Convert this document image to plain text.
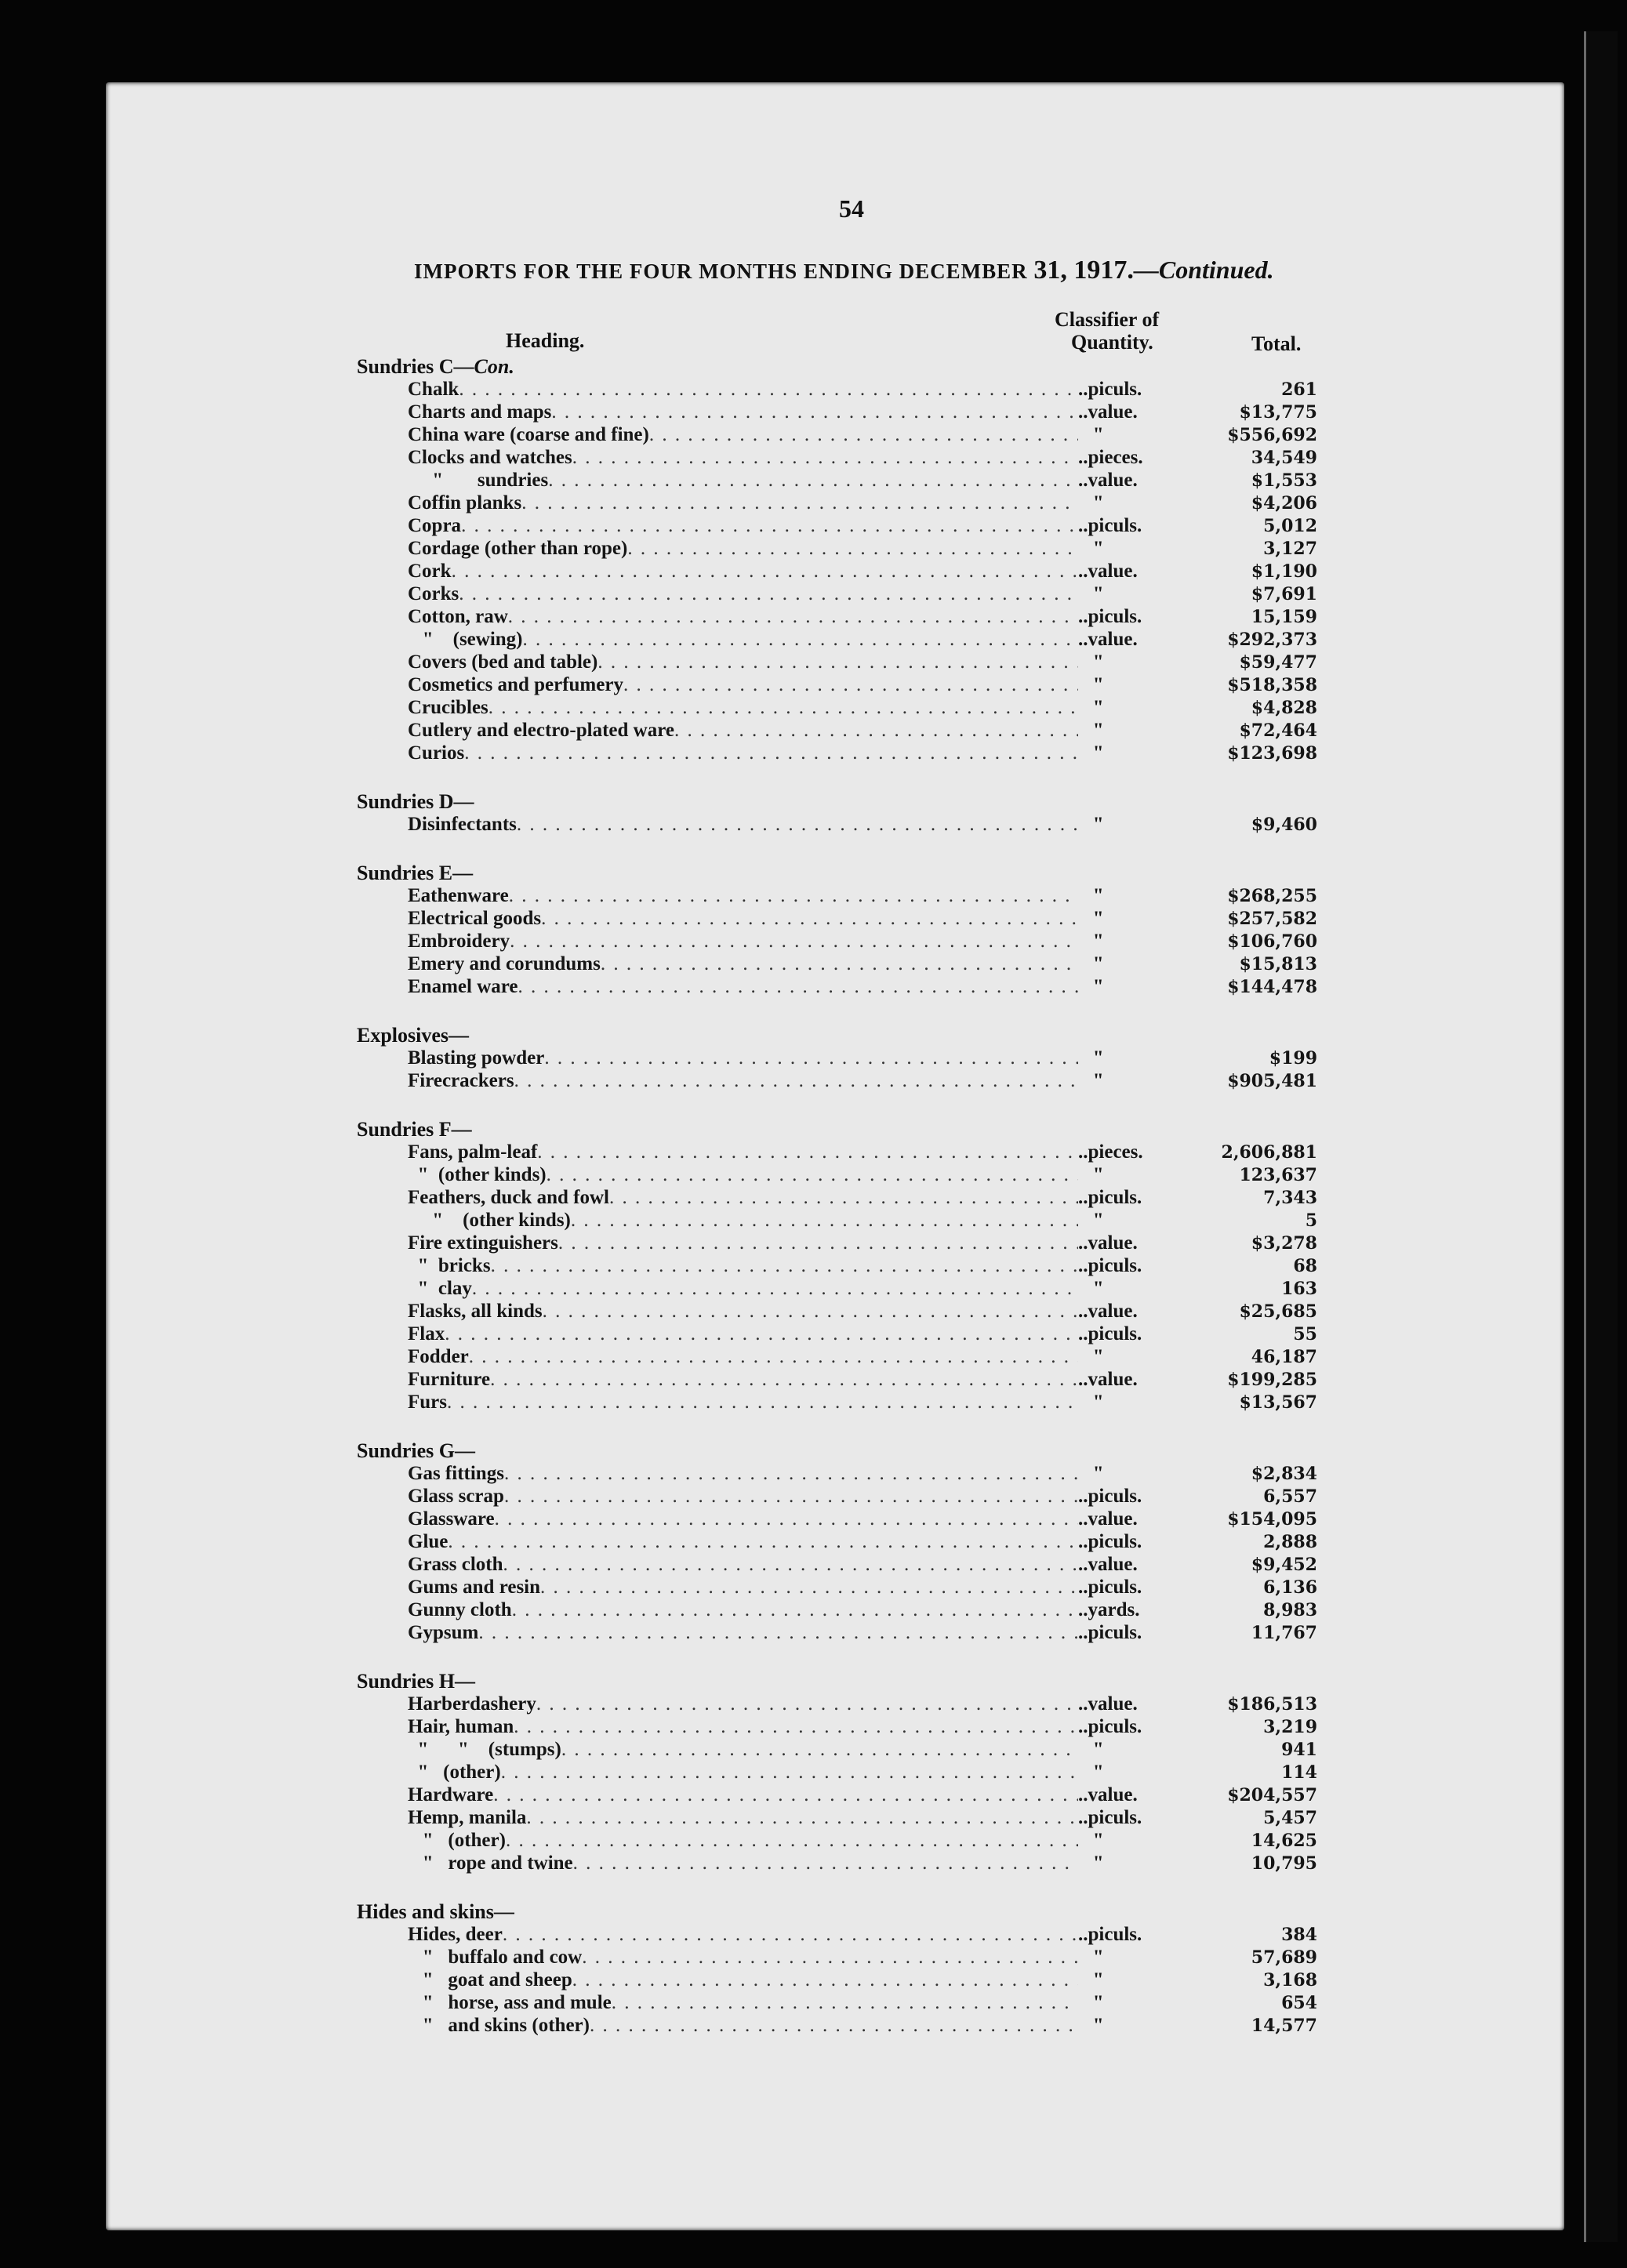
54
IMPORTS FOR THE FOUR MONTHS ENDING DECEMBER 31, 1917.—Continued.
Heading.
Classifier of
Quantity.	Total.
Sundries C—Con.
Chalk . . .	..piculs.	261
Charts and maps . . .	..value.	$13,775
China ware (coarse and fine) . . .	"	$556,692
Clocks and watches . . .	..pieces.	34,549
"       sundries . . .	..value.	$1,553
Coffin planks . . .	"	$4,206
Copra . . .	..piculs.	5,012
Cordage (other than rope) . . .	"	3,127
Cork . . .	..value.	$1,190
Corks . . .	"	$7,691
Cotton, raw . . .	..piculs.	15,159
"    (sewing) . . .	..value.	$292,373
Covers (bed and table) . . .	"	$59,477
Cosmetics and perfumery . . .	"	$518,358
Crucibles . . .	"	$4,828
Cutlery and electro-plated ware . . .	"	$72,464
Curios . . .	"	$123,698
Sundries D—
Disinfectants . . .	"	$9,460
Sundries E—
Eathenware . . .	"	$268,255
Electrical goods . . .	"	$257,582
Embroidery . . .	"	$106,760
Emery and corundums . . .	"	$15,813
Enamel ware . . .	"	$144,478
Explosives—
Blasting powder . . .	"	$199
Firecrackers . . .	"	$905,481
Sundries F—
Fans, palm-leaf . . .	..pieces.	2,606,881
"  (other kinds) . . .	"	123,637
Feathers, duck and fowl . . .	..piculs.	7,343
"    (other kinds) . . .	"	5
Fire extinguishers . . .	..value.	$3,278
"  bricks . . .	..piculs.	68
"  clay . . .	"	163
Flasks, all kinds . . .	..value.	$25,685
Flax . . .	..piculs.	55
Fodder . . .	"	46,187
Furniture . . .	..value.	$199,285
Furs . . .	"	$13,567
Sundries G—
Gas fittings . . .	"	$2,834
Glass scrap . . .	..piculs.	6,557
Glassware . . .	..value.	$154,095
Glue . . .	..piculs.	2,888
Grass cloth . . .	..value.	$9,452
Gums and resin . . .	..piculs.	6,136
Gunny cloth . . .	..yards.	8,983
Gypsum . . .	..piculs.	11,767
Sundries H—
Harberdashery . . .	..value.	$186,513
Hair, human . . .	..piculs.	3,219
"      "    (stumps) . . .	"	941
"   (other) . . .	"	114
Hardware . . .	..value.	$204,557
Hemp, manila . . .	..piculs.	5,457
"   (other) . . .	"	14,625
"   rope and twine . . .	"	10,795
Hides and skins—
Hides, deer . . .	..piculs.	384
"   buffalo and cow . . .	"	57,689
"   goat and sheep . . .	"	3,168
"   horse, ass and mule . . .	"	654
"   and skins (other) . . .	"	14,577
